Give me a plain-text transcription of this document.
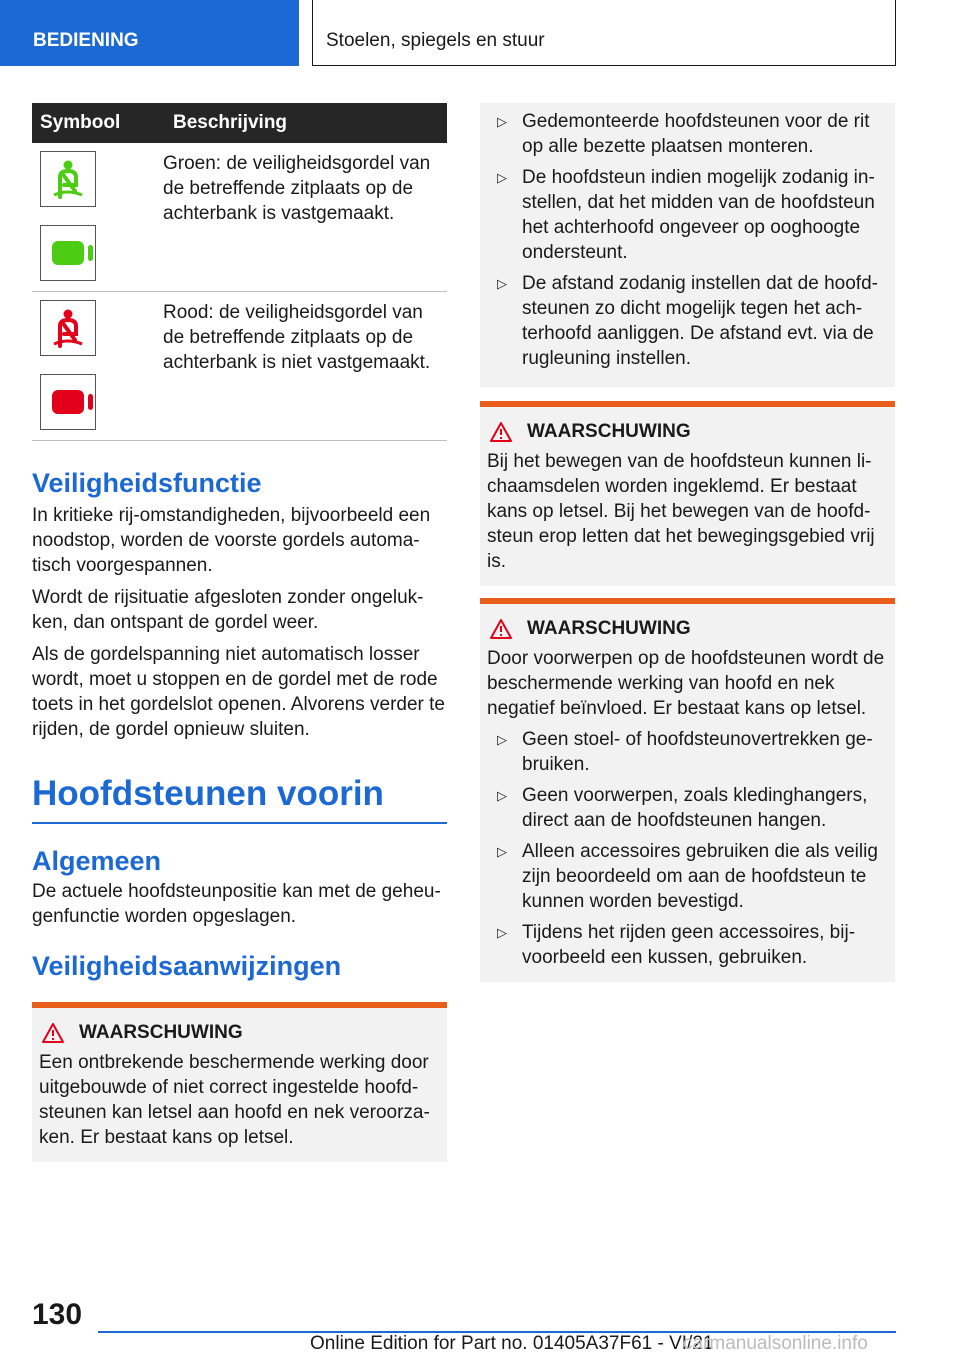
BEDIENING	Stoelen, spiegels en stuur
Symbool	Beschrijving

	Groen: de veiligheidsgordel van de betreffende zitplaats op de achterbank is vastgemaakt.

	Rood: de veiligheidsgordel van de betreffende zitplaats op de achterbank is niet vastgemaakt.
Veiligheidsfunctie

In kritieke rij-omstandigheden, bijvoorbeeld een noodstop, worden de voorste gordels automa-tisch voorgespannen.

Wordt de rijsituatie afgesloten zonder ongeluk-ken, dan ontspant de gordel weer.

Als de gordelspanning niet automatisch losser wordt, moet u stoppen en de gordel met de rode toets in het gordelslot openen. Alvorens verder te rijden, de gordel opnieuw sluiten.

Hoofdsteunen voorin
Algemeen

De actuele hoofdsteunpositie kan met de geheu-genfunctie worden opgeslagen.

Veiligheidsaanwijzingen
WAARSCHUWING

Een ontbrekende beschermende werking door uitgebouwde of niet correct ingestelde hoofd-steunen kan letsel aan hoofd en nek veroorza-ken. Er bestaat kans op letsel.

▷ Gedemonteerde hoofdsteunen voor de rit op alle bezette plaatsen monteren.
▷ De hoofdsteun indien mogelijk zodanig in-stellen, dat het midden van de hoofdsteun het achterhoofd ongeveer op ooghoogte ondersteunt.
▷ De afstand zodanig instellen dat de hoofd-steunen zo dicht mogelijk tegen het ach-terhoofd aanliggen. De afstand evt. via de rugleuning instellen.
WAARSCHUWING

Bij het bewegen van de hoofdsteun kunnen li-chaamsdelen worden ingeklemd. Er bestaat kans op letsel. Bij het bewegen van de hoofd-steun erop letten dat het bewegingsgebied vrij is.

WAARSCHUWING

Door voorwerpen op de hoofdsteunen wordt de beschermende werking van hoofd en nek negatief beïnvloed. Er bestaat kans op letsel.

▷ Geen stoel- of hoofdsteunovertrekken ge-bruiken.
▷ Geen voorwerpen, zoals kledinghangers, direct aan de hoofdsteunen hangen.
▷ Alleen accessoires gebruiken die als veilig zijn beoordeeld om aan de hoofdsteun te kunnen worden bevestigd.
▷ Tijdens het rijden geen accessoires, bij-voorbeeld een kussen, gebruiken.
130
Online Edition for Part no. 01405A37F61 - VI/21
carmanualsonline.info
